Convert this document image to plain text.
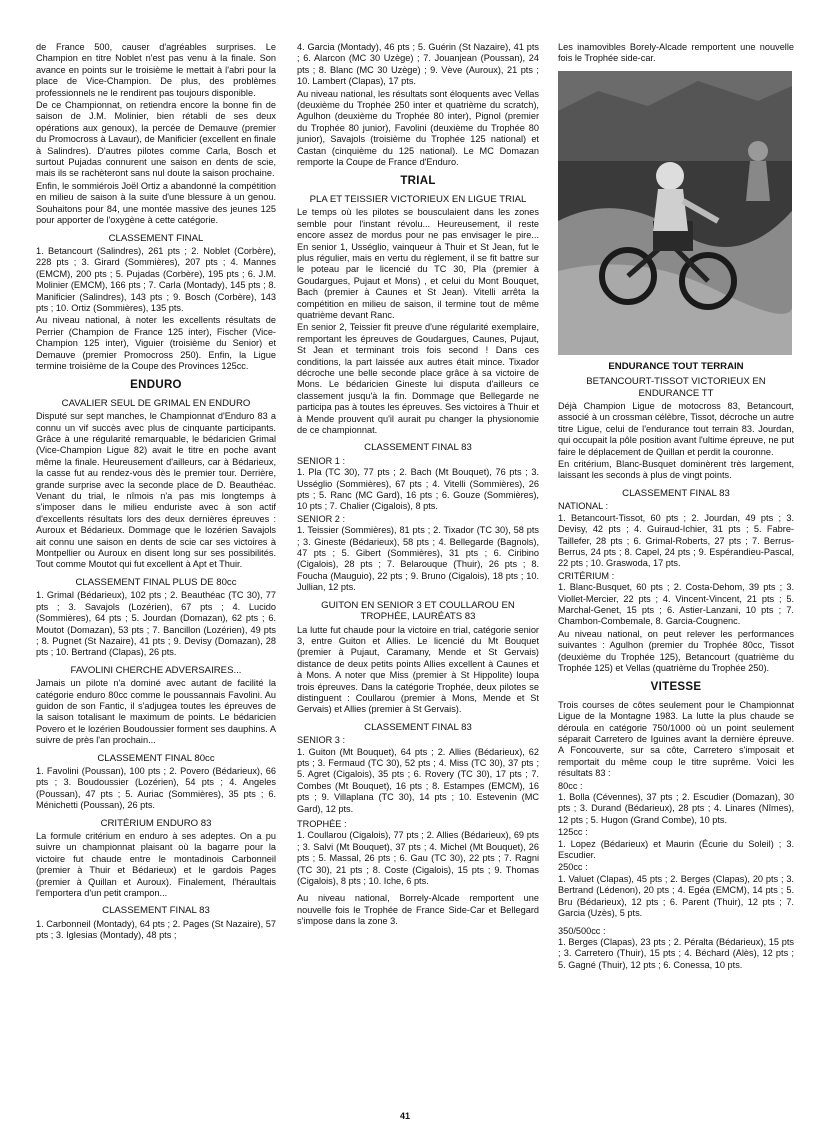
de France 500, causer d'agréables surprises. Le Champion en titre Noblet n'est pas venu à la finale. Son avance en points sur le troisième le mettait à l'abri pour la place de Vice-Champion. De plus, des problèmes professionnels ne le rendirent pas toujours disponible.

De ce Championnat, on retiendra encore la bonne fin de saison de J.M. Molinier, bien rétabli de ses deux opérations aux genoux), la percée de Demauve (premier du Promocross à Lavaur), de Manificier (excellent en finale à Salindres). D'autres pilotes comme Carla, Bosch et surtout Pujadas connurent une saison en dents de scie, mais ils se rachèteront sans nul doute la saison prochaine.

Enfin, le sommiérois Joël Ortiz a abandonné la compétition en milieu de saison à la suite d'une blessure à un genou. Souhaitons pour 84, une montée massive des jeunes 125 pour apporter de l'oxygène à cette catégorie.

CLASSEMENT FINAL

1. Betancourt (Salindres), 261 pts ; 2. Noblet (Corbère), 228 pts ; 3. Girard (Sommières), 207 pts ; 4. Mannes (EMCM), 200 pts ; 5. Pujadas (Corbère), 195 pts ; 6. J.M. Molinier (EMCM), 166 pts ; 7. Carla (Montady), 145 pts ; 8. Manificier (Salindres), 143 pts ; 9. Bosch (Corbère), 143 pts ; 10. Ortiz (Sommières), 135 pts.

Au niveau national, à noter les excellents résultats de Perrier (Champion de France 125 inter), Fischer (Vice-Champion 125 inter), Viguier (troisième du Senior) et Demauve (premier Promocross 250). Enfin, la Ligue termine troisième de la Coupe des Provinces 125cc.

ENDURO
CAVALIER SEUL DE GRIMAL EN ENDURO

Disputé sur sept manches, le Championnat d'Enduro 83 a connu un vif succès avec plus de cinquante participants. Grâce à une régularité remarquable, le bédaricien Grimal (Vice-Champion Ligue 82) avait le titre en poche avant même la finale. Heureusement d'ailleurs, car à Bédarieux, la casse fut au rendez-vous dès le premier tour. Derrière, grande surprise avec la seconde place de D. Beauthéac. Venant du trial, le nîmois n'a pas mis longtemps à s'imposer dans le milieu enduriste avec à son actif d'excellents résultats lors des deux dernières épreuves : Auroux et Bédarieux. Dommage que le lozérien Savajols ait connu une saison en dents de scie car ses victoires à Montpellier ou Auroux en disent long sur ses possibilités. Tout comme Moutot qui fut excellent à Apt et Thuir.

CLASSEMENT FINAL PLUS DE 80cc

1. Grimal (Bédarieux), 102 pts ; 2. Beauthéac (TC 30), 77 pts ; 3. Savajols (Lozérien), 67 pts ; 4. Lucido (Sommières), 64 pts ; 5. Jourdan (Domazan), 62 pts ; 6. Moutot (Domazan), 53 pts ; 7. Bancillon (Lozérien), 49 pts ; 8. Pugnet (St Nazaire), 41 pts ; 9. Devisy (Domazan), 28 pts ; 10. Bertrand (Clapas), 26 pts.

FAVOLINI CHERCHE ADVERSAIRES...

Jamais un pilote n'a dominé avec autant de facilité la catégorie enduro 80cc comme le poussannais Favolini. Au guidon de son Fantic, il s'adjugea toutes les épreuves de la saison totalisant le maximum de points. Le bédaricien Povero et le lozérien Boudoussier forment ses dauphins. A suivre de près l'an prochain...

CLASSEMENT FINAL 80cc

1. Favolini (Poussan), 100 pts ; 2. Povero (Bédarieux), 66 pts ; 3. Boudoussier (Lozérien), 54 pts ; 4. Angeles (Poussan), 47 pts ; 5. Auriac (Sommières), 35 pts ; 6. Ménichetti (Poussan), 26 pts.

CRITÉRIUM ENDURO 83

La formule critérium en enduro à ses adeptes. On a pu suivre un championnat plaisant où la bagarre pour la victoire fut chaude entre le montadinois Carbonneil (premier à Thuir et Bédarieux) et le gardois Pages (premier à Quillan et Auroux). Finalement, l'héraultais l'emportera d'un petit crampon...

CLASSEMENT FINAL 83

1. Carbonneil (Montady), 64 pts ; 2. Pages (St Nazaire), 57 pts ; 3. Iglesias (Montady), 48 pts ;

4. Garcia (Montady), 46 pts ; 5. Guérin (St Nazaire), 41 pts ; 6. Alarcon (MC 30 Uzège) ; 7. Jouanjean (Poussan), 24 pts ; 8. Blanc (MC 30 Uzège) ; 9. Vève (Auroux), 21 pts ; 10. Lambert (Clapas), 17 pts.

Au niveau national, les résultats sont éloquents avec Vellas (deuxième du Trophée 250 inter et quatrième du scratch), Agulhon (deuxième du Trophée 80 inter), Pignol (premier du Trophée 80 junior), Favolini (deuxième du Trophée 80 junior), Savajols (troisième du Trophée 125 national) et Castan (cinquième du 125 national). Le MC Domazan remporte la Coupe de France d'Enduro.

TRIAL
PLA ET TEISSIER VICTORIEUX EN LIGUE TRIAL

Le temps où les pilotes se bousculaient dans les zones semble pour l'instant révolu... Heureusement, il reste encore assez de mordus pour ne pas envisager le pire... En senior 1, Usséglio, vainqueur à Thuir et St Jean, fut le plus régulier, mais en vertu du règlement, il se fit battre sur le poteau par le licencié du TC 30, Pla (premier à Goudargues, Pujaut et Mons) , et celui du Mont Bouquet, Bach (premier à Caunes et St Jean). Vitelli arrêta la compétition en milieu de saison, il termine tout de même quatrième devant Ranc.

En senior 2, Teissier fit preuve d'une régularité exemplaire, remportant les épreuves de Goudargues, Caunes, Pujaut, St Jean et terminant trois fois second ! Dans ces conditions, la part laissée aux autres était mince. Tixador décroche une belle seconde place grâce à sa victoire de Mons. Le bédaricien Gineste lui disputa d'ailleurs ce classement jusqu'à la fin. Dommage que Bellegarde ne participa pas à toutes les épreuves. Ses victoires à Thuir et à Mende prouvent qu'il aurait pu changer la physionomie de ce championnat.

CLASSEMENT FINAL 83
SENIOR 1 :

1. Pla (TC 30), 77 pts ; 2. Bach (Mt Bouquet), 76 pts ; 3. Usséglio (Sommières), 67 pts ; 4. Vitelli (Sommières), 26 pts ; 5. Ranc (MC Gard), 16 pts ; 6. Gouze (Sommières), 10 pts ; 7. Chalier (Cigalois), 8 pts.

SENIOR 2 :

1. Teissier (Sommières), 81 pts ; 2. Tixador (TC 30), 58 pts ; 3. Gineste (Bédarieux), 58 pts ; 4. Bellegarde (Bagnols), 47 pts ; 5. Gibert (Sommières), 31 pts ; 6. Ciribino (Cigalois), 28 pts ; 7. Belarouque (Thuir), 26 pts ; 8. Foucha (Mauguio), 22 pts ; 9. Bruno (Cigalois), 18 pts ; 10. Jullian, 12 pts.

GUITON EN SENIOR 3 ET COULLAROU EN TROPHÉE, LAURÉATS 83

La lutte fut chaude pour la victoire en trial, catégorie senior 3, entre Guiton et Allies. Le licencié du Mt Bouquet (premier à Pujaut, Caramany, Mende et St Gervais) distance de deux petits points Allies excellent à Caunes et à Mons. A noter que Miss (premier à St Hippolite) loupa trois épreuves. Dans la catégorie Trophée, deux pilotes se distinguent : Coullarou (premier à Mons, Mende et St Gervais) et Allies (premier à St Gervais).

CLASSEMENT FINAL 83
SENIOR 3 :

1. Guiton (Mt Bouquet), 64 pts ; 2. Allies (Bédarieux), 62 pts ; 3. Fermaud (TC 30), 52 pts ; 4. Miss (TC 30), 37 pts ; 5. Agret (Cigalois), 35 pts ; 6. Rovery (TC 30), 17 pts ; 7. Combes (Mt Bouquet), 16 pts ; 8. Estampes (EMCM), 16 pts ; 9. Villaplana (TC 30), 14 pts ; 10. Estevenin (MC Gard), 12 pts.

TROPHÉE :

1. Coullarou (Cigalois), 77 pts ; 2. Allies (Bédarieux), 69 pts ; 3. Salvi (Mt Bouquet), 37 pts ; 4. Michel (Mt Bouquet), 26 pts ; 5. Massal, 26 pts ; 6. Gau (TC 30), 22 pts ; 7. Ragni (TC 30), 21 pts ; 8. Coste (Cigalois), 15 pts ; 9. Thomas (Cigalois), 8 pts ; 10. Iche, 6 pts.

Au niveau national, Borrely-Alcade remportent une nouvelle fois le Trophée de France Side-Car et Bellegard s'impose dans la zone 3.

Les inamovibles Borely-Alcade remportent une nouvelle fois le Trophée side-car.

ENDURANCE TOUT TERRAIN
BETANCOURT-TISSOT VICTORIEUX EN ENDURANCE TT

Déjà Champion Ligue de motocross 83, Betancourt, associé à un crossman célèbre, Tissot, décroche un autre titre Ligue, celui de l'endurance tout terrain 83. Jourdan, qui occupait la pôle position avant l'ultime épreuve, ne put faire le déplacement de Quillan et perdit la couronne.

En critérium, Blanc-Busquet dominèrent très largement, laissant les seconds à plus de vingt points.

CLASSEMENT FINAL 83
NATIONAL :

1. Betancourt-Tissot, 60 pts ; 2. Jourdan, 49 pts ; 3. Devisy, 42 pts ; 4. Guiraud-Ichier, 31 pts ; 5. Fabre-Taillefer, 28 pts ; 6. Grimal-Roberts, 27 pts ; 7. Berrus-Berrus, 24 pts ; 8. Capel, 24 pts ; 9. Espérandieu-Pascal, 22 pts ; 10. Graswoda, 17 pts.

CRITÉRIUM :

1. Blanc-Busquet, 60 pts ; 2. Costa-Dehom, 39 pts ; 3. Viollet-Mercier, 22 pts ; 4. Vincent-Vincent, 21 pts ; 5. Marchal-Genet, 15 pts ; 6. Astier-Lanzani, 10 pts ; 7. Chambon-Combemale, 8. Garcia-Cougnenc.

Au niveau national, on peut relever les performances suivantes : Agulhon (premier du Trophée 80cc, Tissot (deuxième du Trophée 125), Betancourt (quatrième du Trophée 125) et Vellas (quatrième du Trophée 250).

VITESSE

Trois courses de côtes seulement pour le Championnat Ligue de la Montagne 1983. La lutte la plus chaude se déroula en catégorie 750/1000 où un point seulement séparait Carretero de Iguines avant la dernière épreuve. A Foncouverte, sur sa côte, Carretero s'imposait et remportait du même coup le titre suprême. Voici les résultats 83 :

80cc :

1. Bolla (Cévennes), 37 pts ; 2. Escudier (Domazan), 30 pts ; 3. Durand (Bédarieux), 28 pts ; 4. Linares (Nîmes), 12 pts ; 5. Hugon (Grand Combe), 10 pts.

125cc :

1. Lopez (Bédarieux) et Maurin (Écurie du Soleil) ; 3. Escudier.

250cc :

1. Valuet (Clapas), 45 pts ; 2. Berges (Clapas), 20 pts ; 3. Bertrand (Lédenon), 20 pts ; 4. Egéa (EMCM), 14 pts ; 5. Bru (Bédarieux), 12 pts ; 6. Parent (Thuir), 12 pts ; 7. Garcia (Uzès), 5 pts.

350/500cc :

1. Berges (Clapas), 23 pts ; 2. Péralta (Bédarieux), 15 pts ; 3. Carretero (Thuir), 15 pts ; 4. Béchard (Alès), 12 pts ; 5. Gagné (Thuir), 12 pts ; 6. Conessa, 10 pts.

41
